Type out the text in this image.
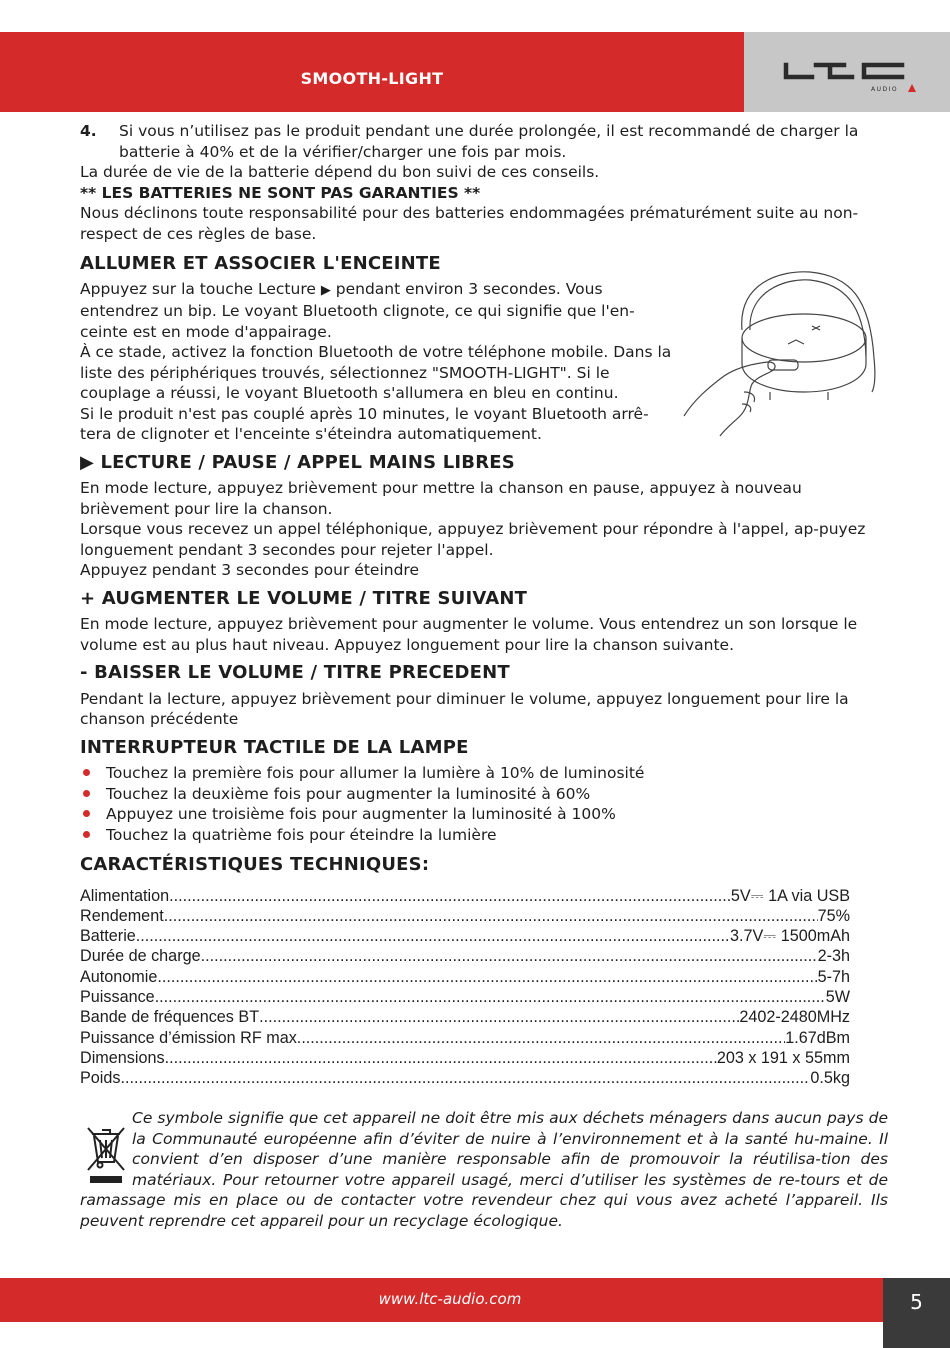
SMOOTH-LIGHT
AUDIO

4. Si vous n’utilisez pas le produit pendant une durée prolongée, il est recommandé de charger la batterie à 40% et de la vérifier/charger une fois par mois.

La durée de vie de la batterie dépend du bon suivi de ces conseils.

** LES BATTERIES NE SONT PAS GARANTIES **

Nous déclinons toute responsabilité pour des batteries endommagées prématurément suite au non-respect de ces règles de base.

ALLUMER ET ASSOCIER L'ENCEINTE

Appuyez sur la touche Lecture ▶ pendant environ 3 secondes. Vous entendrez un bip. Le voyant Bluetooth clignote, ce qui signifie que l'en-ceinte est en mode d'appairage.

À ce stade, activez la fonction Bluetooth de votre téléphone mobile. Dans la liste des périphériques trouvés, sélectionnez "SMOOTH-LIGHT". Si le couplage a réussi, le voyant Bluetooth s'allumera en bleu en continu.

Si le produit n'est pas couplé après 10 minutes, le voyant Bluetooth arrê-tera de clignoter et l'enceinte s'éteindra automatiquement.

▶ LECTURE / PAUSE / APPEL MAINS LIBRES

En mode lecture, appuyez brièvement pour mettre la chanson en pause, appuyez à nouveau brièvement pour lire la chanson.

Lorsque vous recevez un appel téléphonique, appuyez brièvement pour répondre à l'appel, ap-puyez longuement pendant 3 secondes pour rejeter l'appel.

Appuyez pendant 3 secondes pour éteindre

+ AUGMENTER LE VOLUME / TITRE SUIVANT

En mode lecture, appuyez brièvement pour augmenter le volume. Vous entendrez un son lorsque le volume est au plus haut niveau. Appuyez longuement pour lire la chanson suivante.

- BAISSER LE VOLUME / TITRE PRECEDENT

Pendant la lecture, appuyez brièvement pour diminuer le volume, appuyez longuement pour lire la chanson précédente

INTERRUPTEUR TACTILE DE LA LAMPE
Touchez la première fois pour allumer la lumière à 10% de luminosité
Touchez la deuxième fois pour augmenter la luminosité à 60%
Appuyez une troisième fois pour augmenter la luminosité à 100%
Touchez la quatrième fois pour éteindre la lumière
CARACTÉRISTIQUES TECHNIQUES:
Alimentation .....	5V⎓ 1A via USB
Rendement .....	75%
Batterie .....	3.7V⎓ 1500mAh
Durée de charge .....	2-3h
Autonomie .....	5-7h
Puissance .....	5W
Bande de fréquences BT .....	2402-2480MHz
Puissance d’émission RF max. .....	1.67dBm
Dimensions .....	203 x 191 x 55mm
Poids .....	0.5kg
Ce symbole signifie que cet appareil ne doit être mis aux déchets ménagers dans aucun pays de la Communauté européenne afin d’éviter de nuire à l’environnement et à la santé hu-maine. Il convient d’en disposer d’une manière responsable afin de promouvoir la réutilisa-tion des matériaux. Pour retourner votre appareil usagé, merci d’utiliser les systèmes de re-tours et de ramassage mis en place ou de contacter votre revendeur chez qui vous avez acheté l’appareil. Ils peuvent reprendre cet appareil pour un recyclage écologique.
www.ltc-audio.com	5
